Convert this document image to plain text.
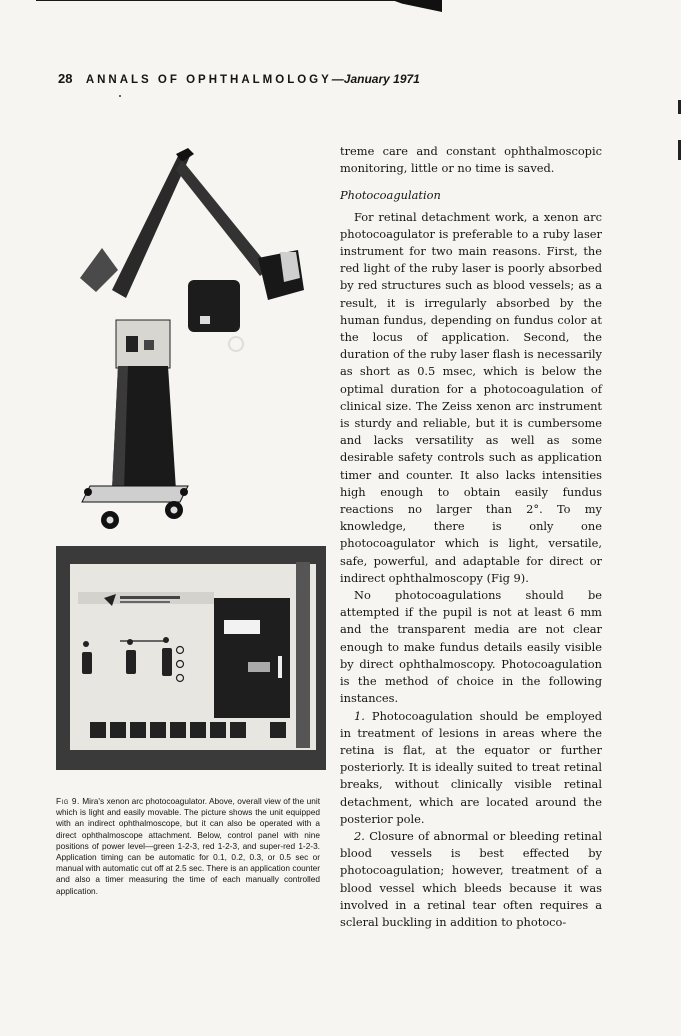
28 ANNALS OF OPHTHALMOLOGY—January 1971
Fig 9. Mira's xenon arc photocoagulator. Above, overall view of the unit which is light and easily movable. The picture shows the unit equipped with an indirect ophthalmoscope, but it can also be operated with a direct ophthalmoscope attachment. Below, control panel with nine positions of power level—green 1-2-3, red 1-2-3, and super-red 1-2-3. Application timing can be automatic for 0.1, 0.2, 0.3, or 0.5 sec or manual with automatic cut off at 2.5 sec. There is an application counter and also a timer measuring the time of each manually controlled application.

treme care and constant ophthalmoscopic monitoring, little or no time is saved.

Photocoagulation

For retinal detachment work, a xenon arc photocoagulator is preferable to a ruby laser instrument for two main reasons. First, the red light of the ruby laser is poorly absorbed by red structures such as blood vessels; as a result, it is irregularly absorbed by the human fundus, depending on fundus color at the locus of application. Second, the duration of the ruby laser flash is necessarily as short as 0.5 msec, which is below the optimal duration for a photocoagulation of clinical size. The Zeiss xenon arc instrument is sturdy and reliable, but it is cumbersome and lacks versatility as well as some desirable safety controls such as application timer and counter. It also lacks intensities high enough to obtain easily fundus reactions no larger than 2°. To my knowledge, there is only one photocoagulator which is light, versatile, safe, powerful, and adaptable for direct or indirect ophthalmoscopy (Fig 9).

No photocoagulations should be attempted if the pupil is not at least 6 mm and the transparent media are not clear enough to make fundus details easily visible by direct ophthalmoscopy. Photocoagulation is the method of choice in the following instances.

1. Photocoagulation should be employed in treatment of lesions in areas where the retina is flat, at the equator or further posteriorly. It is ideally suited to treat retinal breaks, without clinically visible retinal detachment, which are located around the posterior pole.

2. Closure of abnormal or bleeding retinal blood vessels is best effected by photocoagulation; however, treatment of a blood vessel which bleeds because it was involved in a retinal tear often requires a scleral buckling in addition to photoco-
